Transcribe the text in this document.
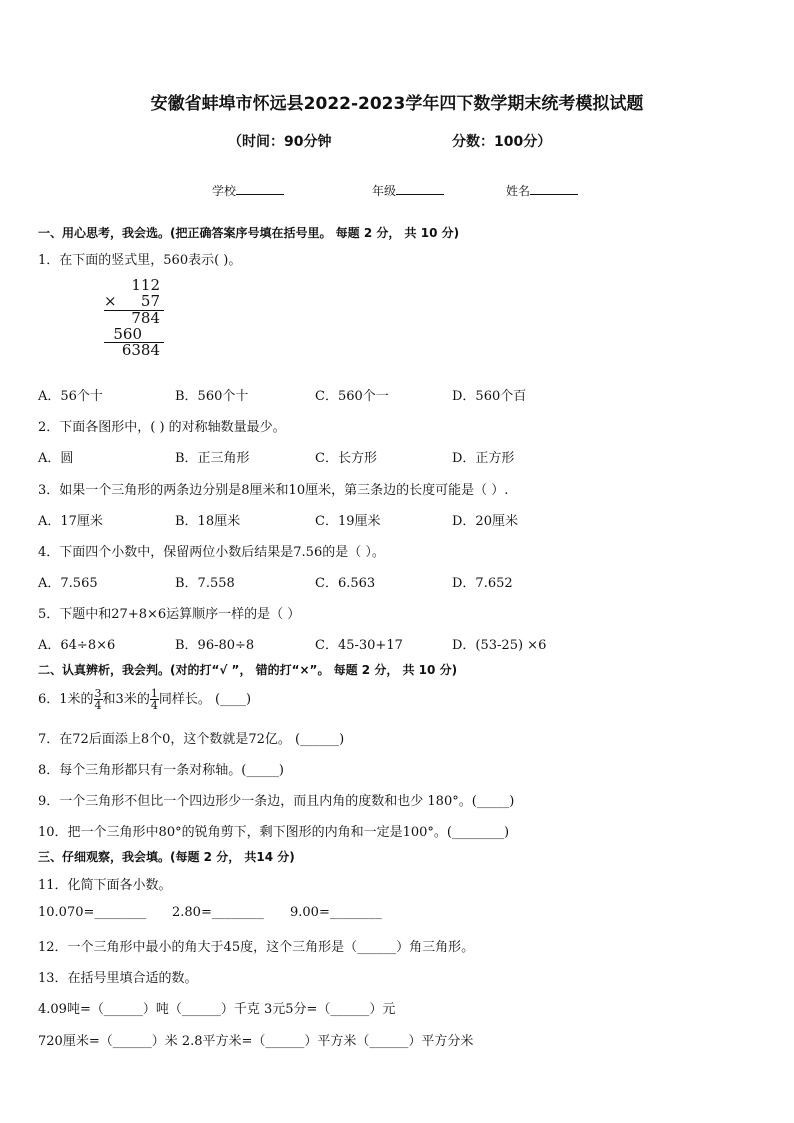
安徽省蚌埠市怀远县2022-2023学年四下数学期末统考模拟试题
（时间：90分钟	分数：100分）
学校	年级	姓名
一、用心思考，我会选。(把正确答案序号填在括号里。 每题 2 分， 共 10 分)
1．在下面的竖式里，560表示( )。
112
× 57
784
560
6384
A．56个十	B．560个十	C．560个一	D．560个百
2．下面各图形中，( ) 的对称轴数量最少。
A．圆	B．正三角形	C．长方形	D．正方形
3．如果一个三角形的两条边分别是8厘米和10厘米，第三条边的长度可能是（ ）.
A．17厘米	B．18厘米	C．19厘米	D．20厘米
4．下面四个小数中，保留两位小数后结果是7.56的是（ ）。
A．7.565	B．7.558	C．6.563	D．7.652
5．下题中和27+8×6运算顺序一样的是（ ）
A．64÷8×6	B．96-80÷8	C．45-30+17	D．(53-25) ×6
二、认真辨析，我会判。(对的打“√ ”， 错的打“×”。 每题 2 分， 共 10 分)
6．1米的 $\frac{3}{4}$ 和3米的 $\frac{1}{4}$ 同样长。 (____)
7．在72后面添上8个0，这个数就是72亿。 (______)
8．每个三角形都只有一条对称轴。(_____)
9．一个三角形不但比一个四边形少一条边，而且内角的度数和也少 180°。(_____)
10．把一个三角形中80°的锐角剪下，剩下图形的内角和一定是100°。(________)
三、仔细观察，我会填。(每题 2 分， 共14 分)
11．化简下面各小数。
10.070=________ 2.80=________ 9.00=________
12．一个三角形中最小的角大于45度，这个三角形是（______）角三角形。
13．在括号里填合适的数。
4.09吨=（______）吨（______）千克 3元5分=（______）元
720厘米=（______）米 2.8平方米=（______）平方米（______）平方分米
